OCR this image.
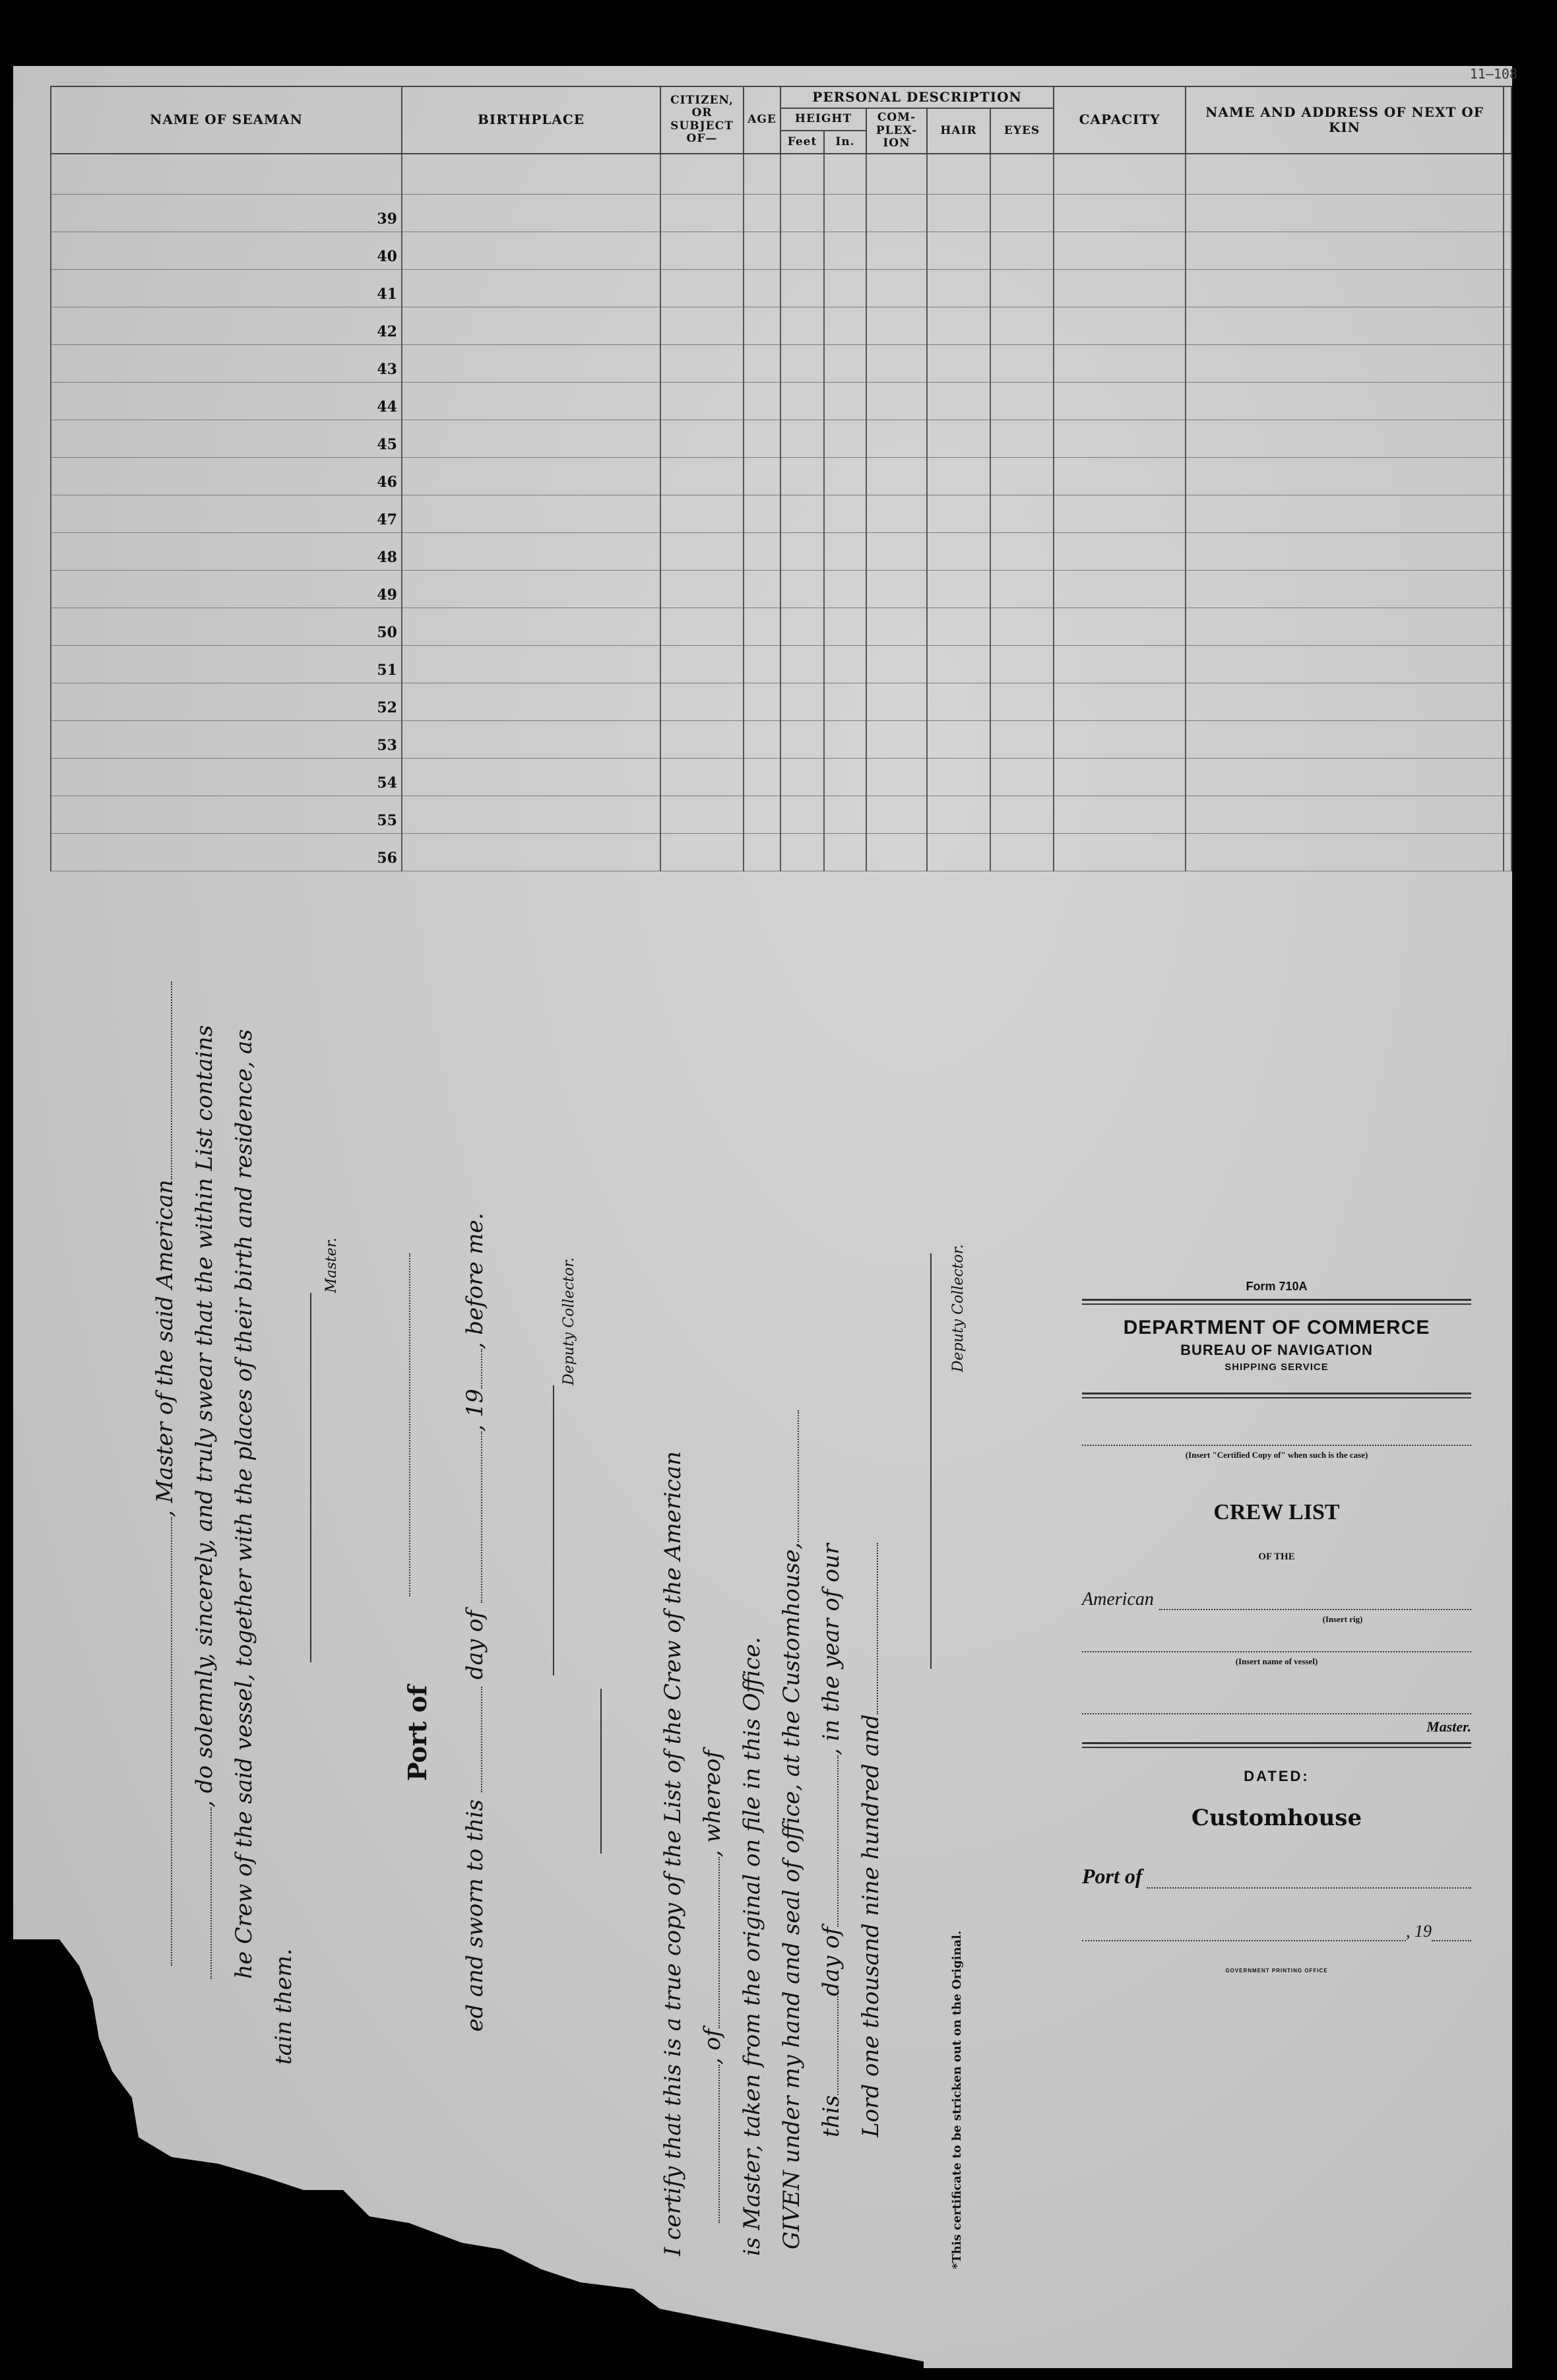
11—108
NAME OF SEAMAN	BIRTHPLACE	CITIZEN, OR SUBJECT OF—	AGE	PERSONAL DESCRIPTION					CAPACITY	NAME AND ADDRESS OF NEXT OF KIN	
				HEIGHT		COM- PLEX- ION	HAIR	EYES			
				Feet	In.						

39											
40											
41											
42											
43											
44											
45											
46											
47											
48											
49											
50											
51											
52											
53											
54											
55											
56											
, Master of the said American , do solemnly, sincerely, and truly swear that the within List contains he Crew of the said vessel, together with the places of their birth and residence, as
tain them.
Master.
Port of
ed and sworn to this  day of , 19, before me.	Deputy Collector.
I certify that this is a true copy of the List of the Crew of the American , of, whereof is Master, taken from the original on file in this Office. GIVEN under my hand and seal of office, at the Customhouse, thisday of, in the year of our
Lord one thousand nine hundred and
Deputy Collector.
*This certificate to be stricken out on the Original.
Form 710A
DEPARTMENT OF COMMERCE
BUREAU OF NAVIGATION
SHIPPING SERVICE
(Insert "Certified Copy of" when such is the case)
CREW LIST
OF THE
American
(Insert rig)
(Insert name of vessel)
Master.
DATED:
Customhouse
Port of
, 19
GOVERNMENT PRINTING OFFICE
